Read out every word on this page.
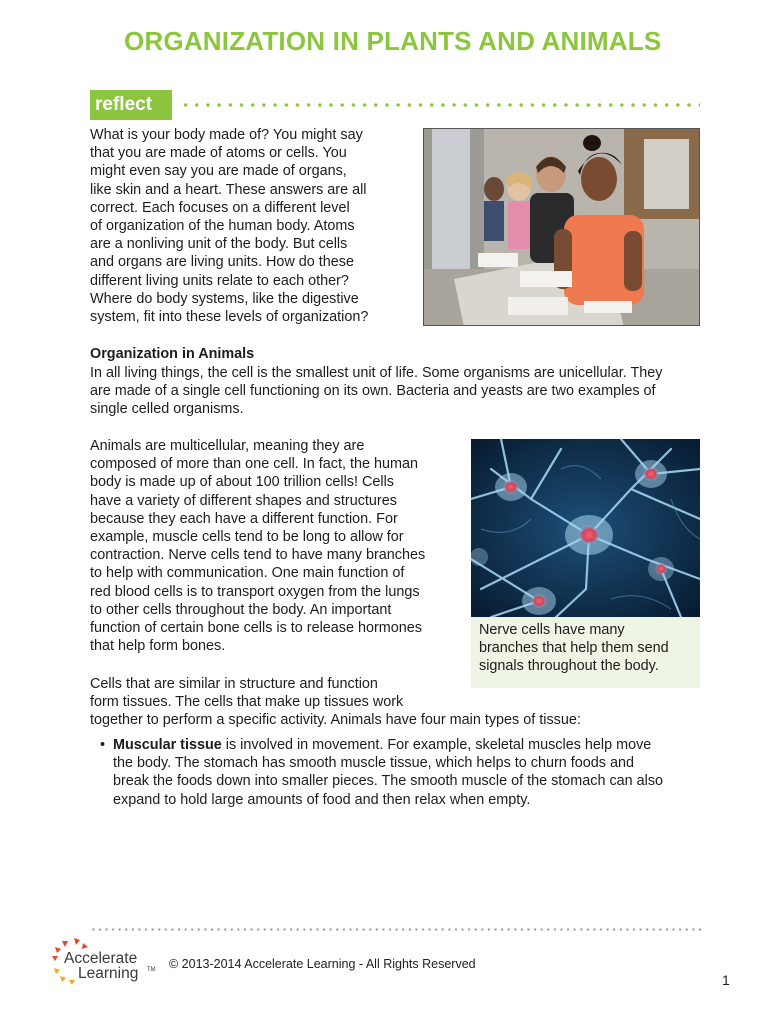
ORGANIZATION IN PLANTS AND ANIMALS
reflect
What is your body made of? You might say
that you are made of atoms or cells. You
might even say you are made of organs,
like skin and a heart. These answers are all
correct. Each focuses on a different level
of organization of the human body. Atoms
are a nonliving unit of the body. But cells
and organs are living units. How do these
different living units relate to each other?
Where do body systems, like the digestive
system, fit into these levels of organization?
Organization in Animals
In all living things, the cell is the smallest unit of life. Some organisms are unicellular. They
are made of a single cell functioning on its own. Bacteria and yeasts are two examples of
single celled organisms.
Animals are multicellular, meaning they are
composed of more than one cell. In fact, the human
body is made up of about 100 trillion cells! Cells
have a variety of different shapes and structures
because they each have a different function. For
example, muscle cells tend to be long to allow for
contraction. Nerve cells tend to have many branches
to help with communication. One main function of
red blood cells is to transport oxygen from the lungs
to other cells throughout the body. An important
function of certain bone cells is to release hormones
that help form bones.
Nerve cells have many
branches that help them send
signals throughout the body.
Cells that are similar in structure and function
form tissues. The cells that make up tissues work
together to perform a specific activity. Animals have four main types of tissue:
• Muscular tissue is involved in movement. For example, skeletal muscles help move
the body. The stomach has smooth muscle tissue, which helps to churn foods and
break the foods down into smaller pieces. The smooth muscle of the stomach can also
expand to hold large amounts of food and then relax when empty.
Accelerate
Learning TM © 2013-2014 Accelerate Learning - All Rights Reserved
1
